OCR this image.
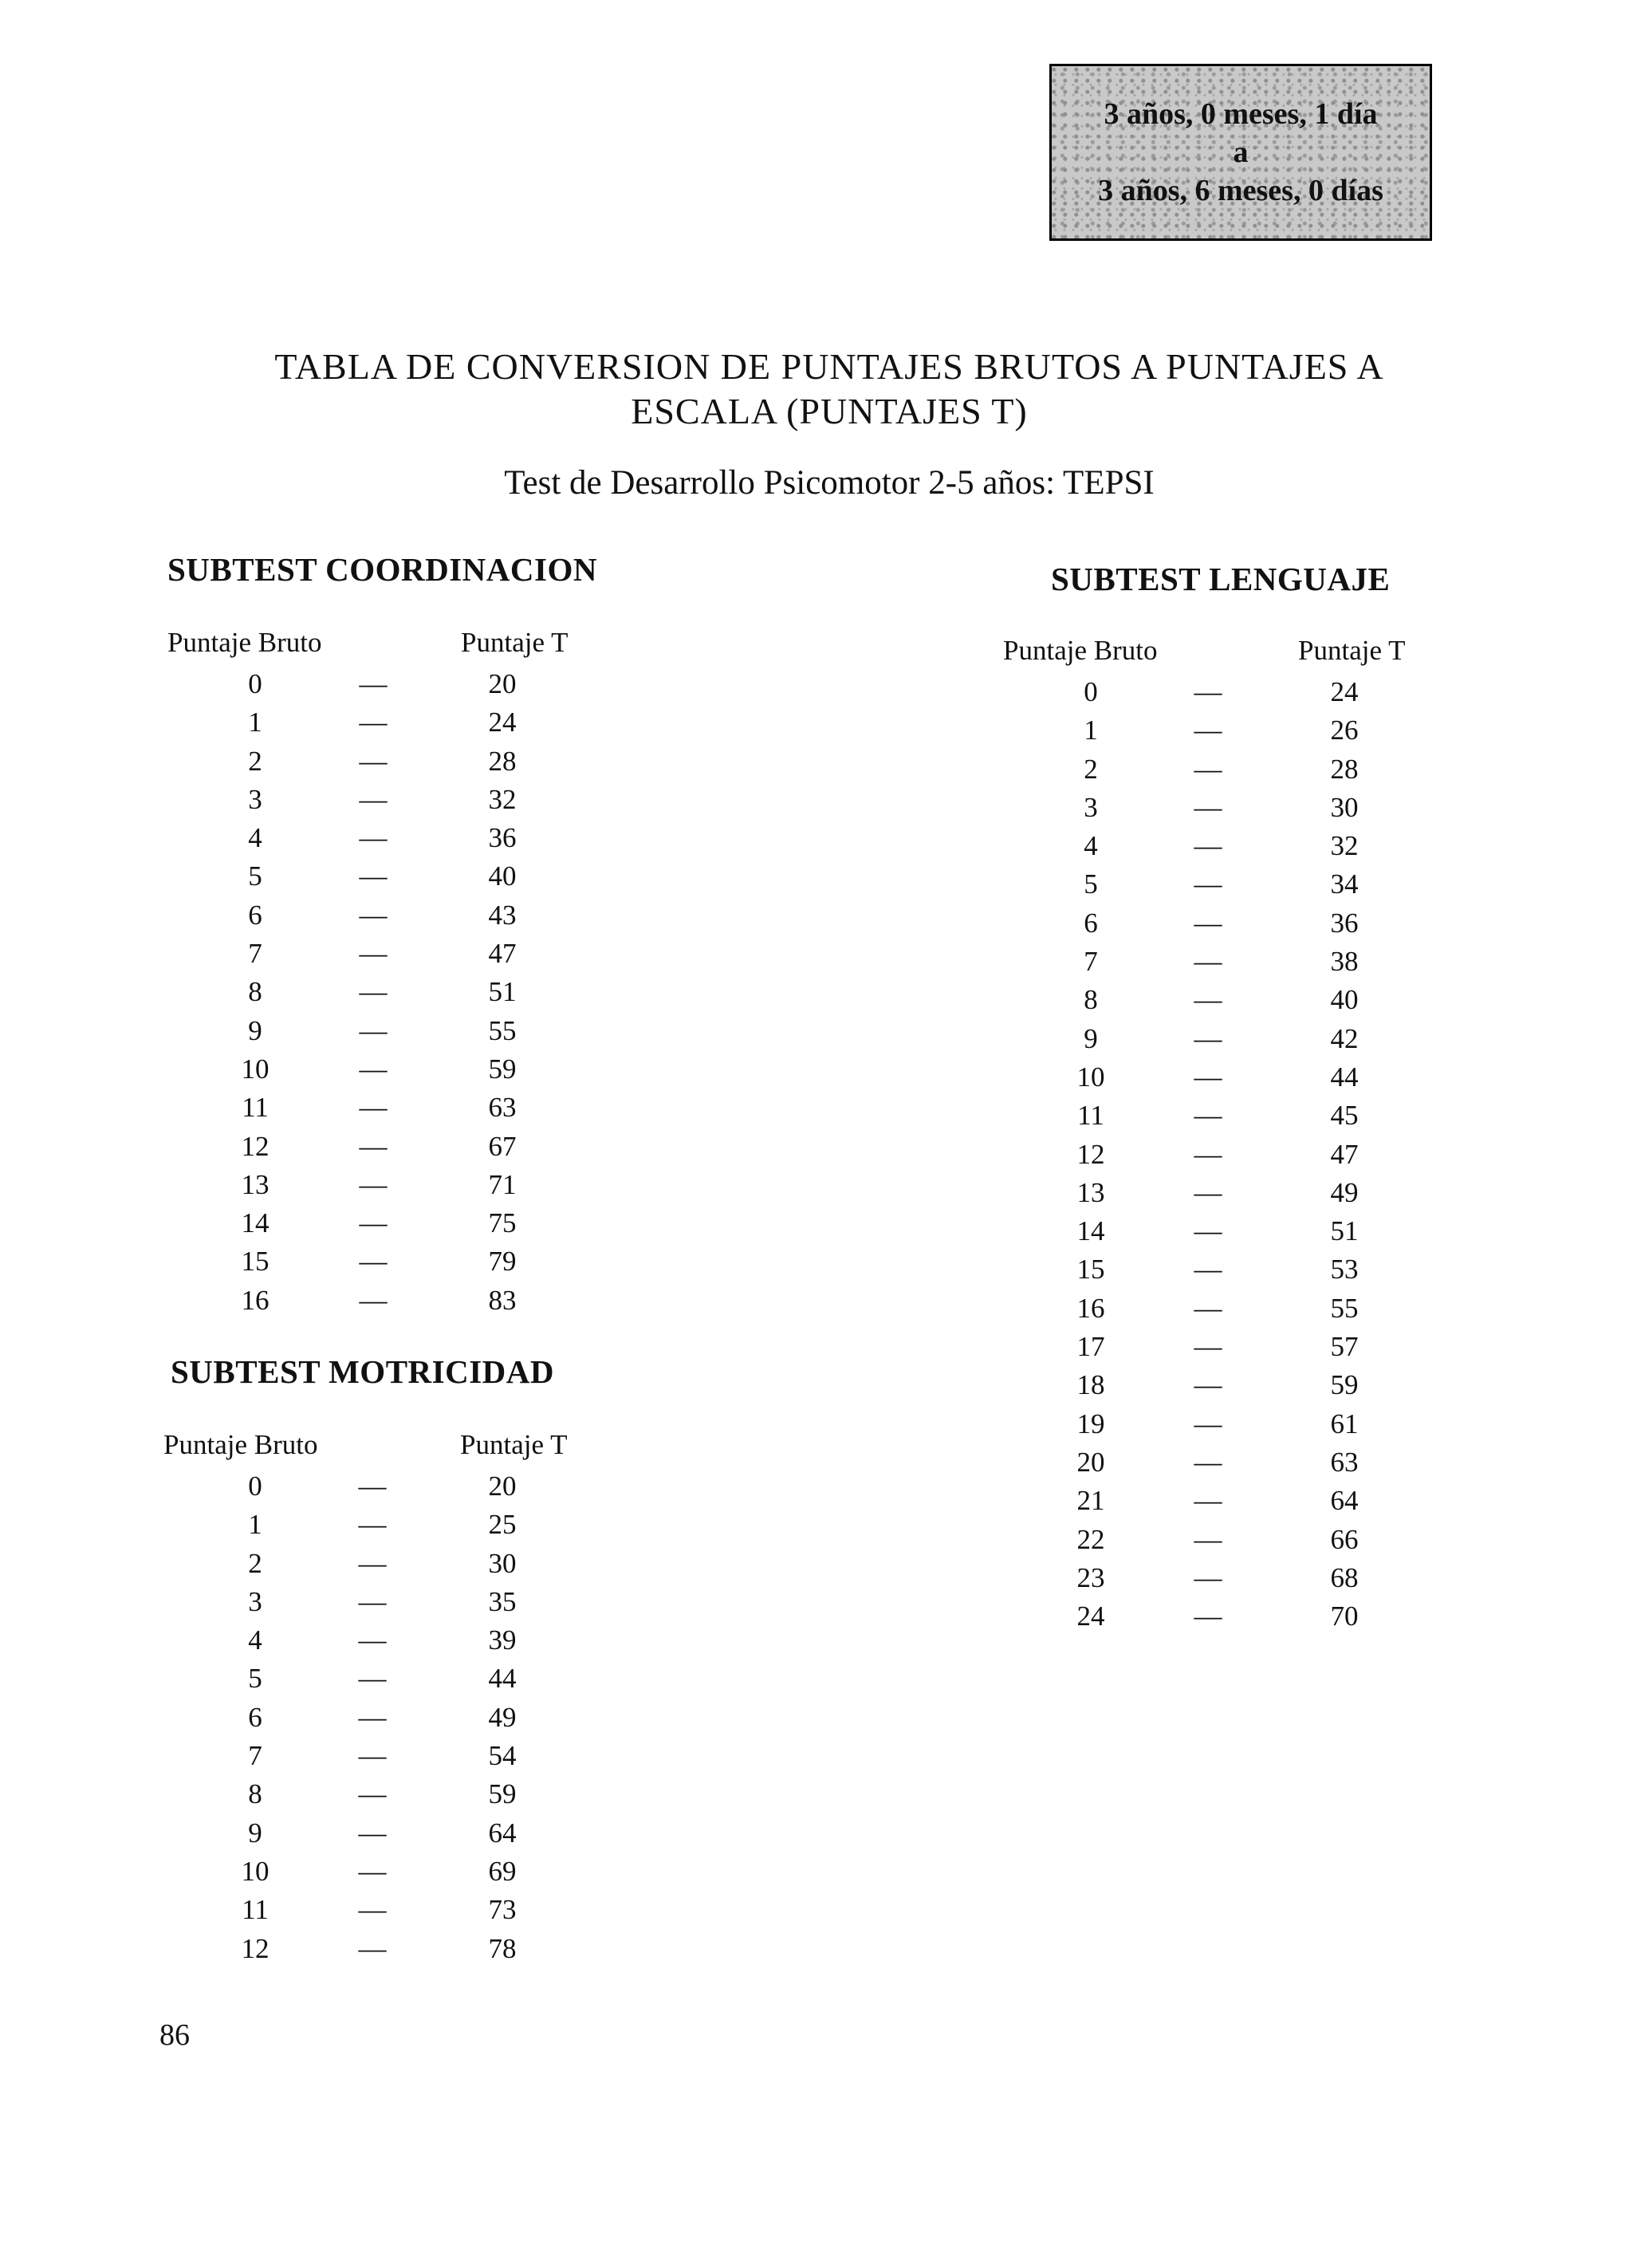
3 años, 0 meses, 1 día
a
3 años, 6 meses, 0 días
TABLA DE CONVERSION DE PUNTAJES BRUTOS A PUNTAJES A
ESCALA (PUNTAJES T)
Test de Desarrollo Psicomotor 2-5 años: TEPSI
SUBTEST COORDINACION
Puntaje Bruto	Puntaje T
0	—	20
1	—	24
2	—	28
3	—	32
4	—	36
5	—	40
6	—	43
7	—	47
8	—	51
9	—	55
10	—	59
11	—	63
12	—	67
13	—	71
14	—	75
15	—	79
16	—	83
SUBTEST MOTRICIDAD
Puntaje Bruto	Puntaje T
0	—	20
1	—	25
2	—	30
3	—	35
4	—	39
5	—	44
6	—	49
7	—	54
8	—	59
9	—	64
10	—	69
11	—	73
12	—	78
SUBTEST LENGUAJE
Puntaje Bruto	Puntaje T
0	—	24
1	—	26
2	—	28
3	—	30
4	—	32
5	—	34
6	—	36
7	—	38
8	—	40
9	—	42
10	—	44
11	—	45
12	—	47
13	—	49
14	—	51
15	—	53
16	—	55
17	—	57
18	—	59
19	—	61
20	—	63
21	—	64
22	—	66
23	—	68
24	—	70
86
